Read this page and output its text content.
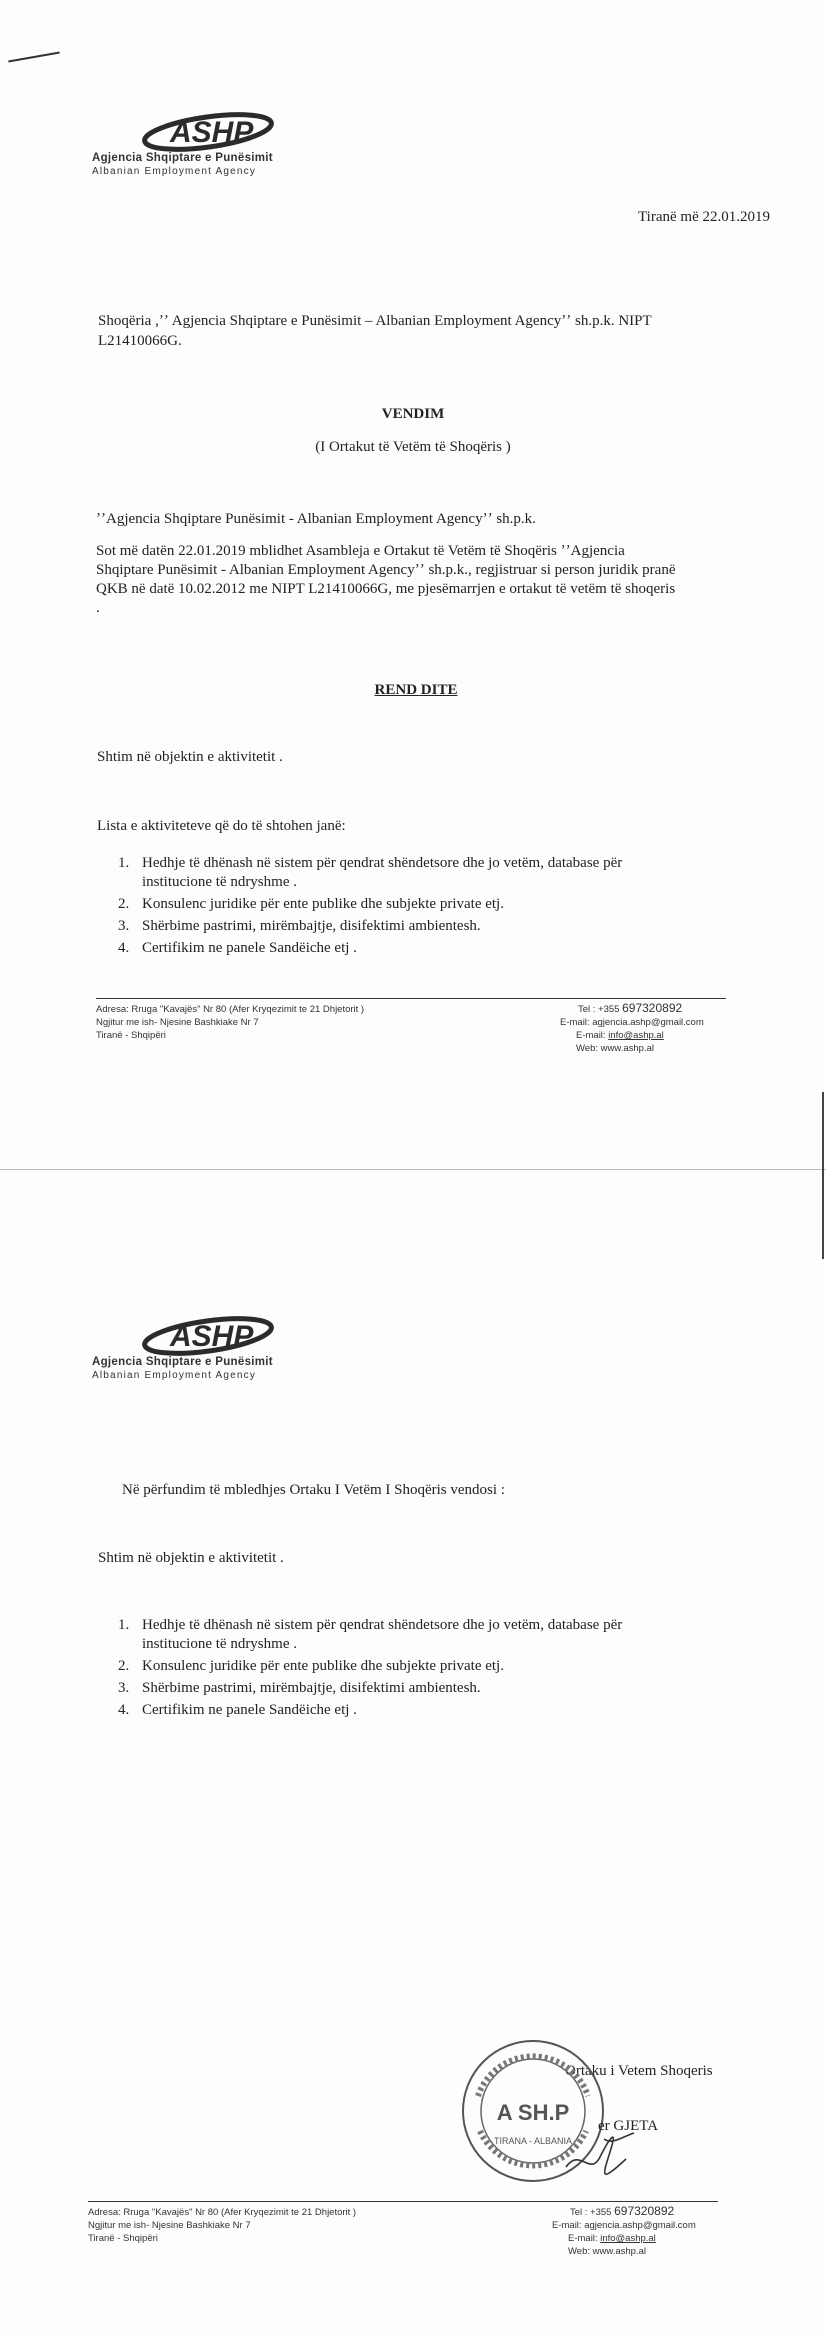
ASHP
Agjencia Shqiptare e Punësimit
Albanian Employment Agency
Tiranë më 22.01.2019
Shoqëria ,ʼʼ Agjencia Shqiptare e Punësimit – Albanian Employment Agencyʼʼ sh.p.k. NIPT
L21410066G.
VENDIM
(I Ortakut të Vetëm të Shoqëris )
ʼʼAgjencia Shqiptare Punësimit - Albanian Employment Agencyʼʼ sh.p.k.
Sot më datën 22.01.2019 mblidhet Asambleja e Ortakut të Vetëm të Shoqëris ʼʼAgjencia
Shqiptare Punësimit - Albanian Employment Agencyʼʼ sh.p.k., regjistruar si person juridik pranë
QKB në datë 10.02.2012 me NIPT L21410066G, me pjesëmarrjen e ortakut të vetëm të shoqeris
.
REND DITE
Shtim në objektin e aktivitetit .
Lista e aktiviteteve që do të shtohen janë:
1. Hedhje të dhënash në sistem për qendrat shëndetsore dhe jo vetëm, database për
institucione të ndryshme .
2. Konsulenc juridike për ente publike dhe subjekte private etj.
3. Shërbime pastrimi, mirëmbajtje, disifektimi ambientesh.
4. Certifikim ne panele Sandëiche etj .
Adresa: Rruga "Kavajës" Nr 80 (Afer Kryqezimit te 21 Dhjetorit )
Ngjitur me ish- Njesine Bashkiake Nr 7
Tiranë - Shqipëri
Tel : +355 697320892
E-mail: agjencia.ashp@gmail.com
E-mail: info@ashp.al
Web: www.ashp.al
ASHP
Agjencia Shqiptare e Punësimit
Albanian Employment Agency
Në përfundim të mbledhjes Ortaku I Vetëm I Shoqëris vendosi :
Shtim në objektin e aktivitetit .
1. Hedhje të dhënash në sistem për qendrat shëndetsore dhe jo vetëm, database për
institucione të ndryshme .
2. Konsulenc juridike për ente publike dhe subjekte private etj.
3. Shërbime pastrimi, mirëmbajtje, disifektimi ambientesh.
4. Certifikim ne panele Sandëiche etj .
Ortaku i Vetem Shoqeris
A SH.P
TIRANA - ALBANIA
er GJETA
Adresa: Rruga "Kavajës" Nr 80 (Afer Kryqezimit te 21 Dhjetorit )
Ngjitur me ish- Njesine Bashkiake Nr 7
Tiranë - Shqipëri
Tel : +355 697320892
E-mail: agjencia.ashp@gmail.com
E-mail: info@ashp.al
Web: www.ashp.al
